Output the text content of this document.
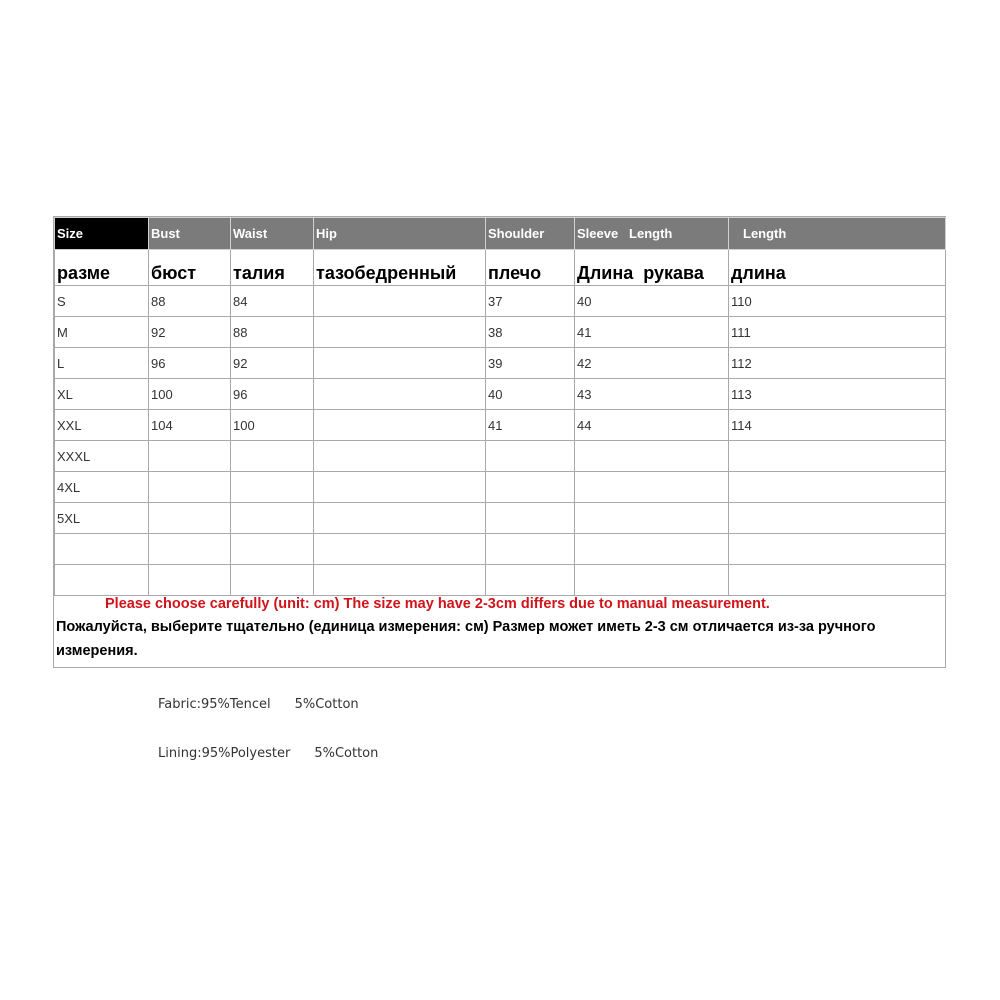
Size	Bust	Waist	Hip	Shoulder	Sleeve   Length	Length
разме	бюст	талия	тазобедренный	плечо	Длина  рукава	длина
S	88	84		37	40	110
M	92	88		38	41	111
L	96	92		39	42	112
XL	100	96		40	43	113
XXL	104	100		41	44	114
XXXL						
4XL						
5XL						

Please choose carefully (unit: cm) The size may have 2-3cm differs due to manual measurement.
Пожалуйста, выберите тщательно (единица измерения: см) Размер может иметь 2-3 см отличается из-за ручного измерения.
Fabric:95%Tencel 5%Cotton
Lining:95%Polyester 5%Cotton
